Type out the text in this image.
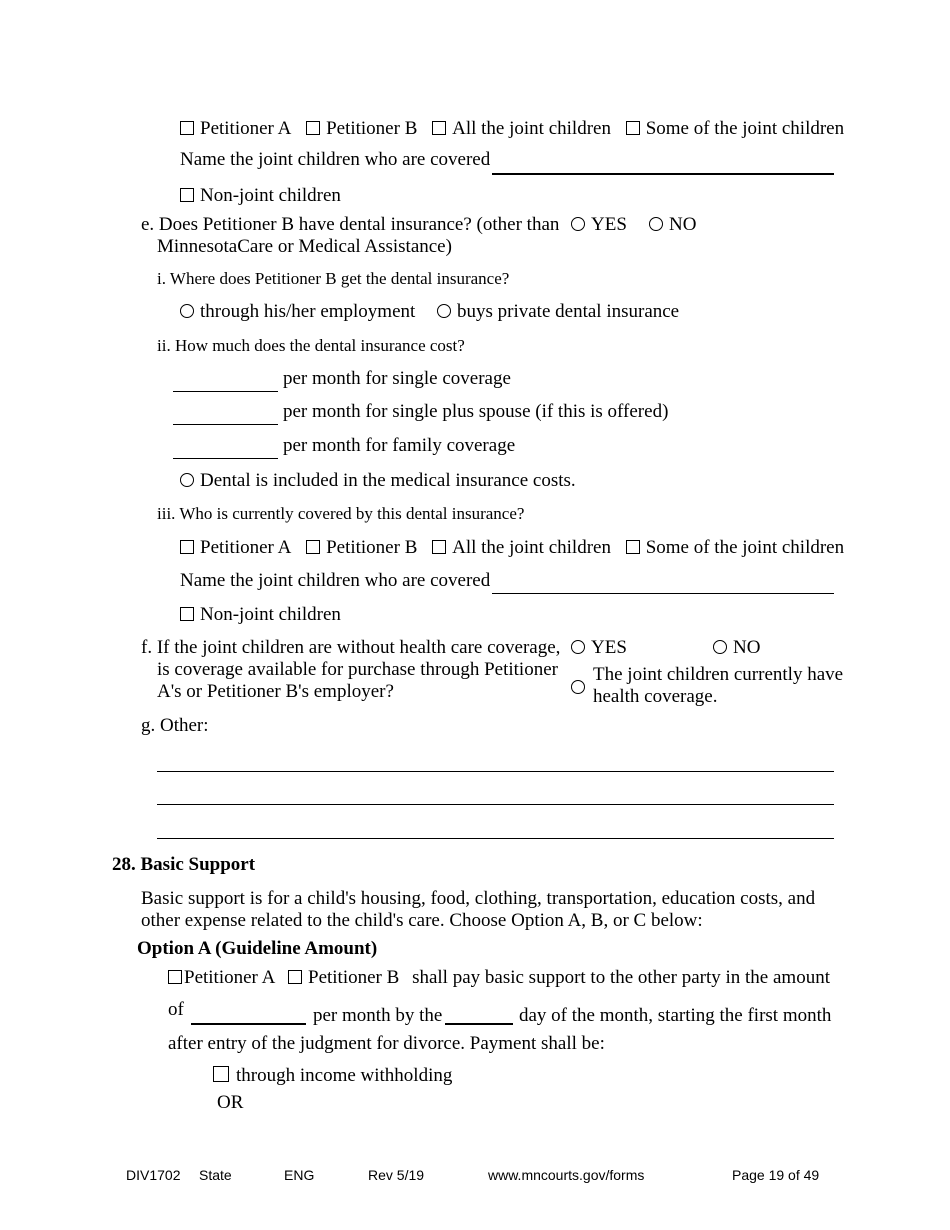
Petitioner A Petitioner B All the joint children Some of the joint children
Name the joint children who are covered
Non-joint children
e. Does Petitioner B have dental insurance? (other than
MinnesotaCare or Medical Assistance)
YES	NO
i. Where does Petitioner B get the dental insurance?
through his/her employment	buys private dental insurance
ii. How much does the dental insurance cost?
per month for single coverage
per month for single plus spouse (if this is offered)
per month for family coverage
Dental is included in the medical insurance costs.
iii. Who is currently covered by this dental insurance?
Petitioner A Petitioner B All the joint children Some of the joint children
Name the joint children who are covered
Non-joint children
f. If the joint children are without health care coverage,
is coverage available for purchase through Petitioner
A's or Petitioner B's employer?
YES	NO
The joint children currently have
health coverage.
g. Other:
28. Basic Support
Basic support is for a child's housing, food, clothing, transportation, education costs, and
other expense related to the child's care. Choose Option A, B, or C below:
Option A (Guideline Amount)
Petitioner A Petitioner B shall pay basic support to the other party in the amount
of	per month by the	day of the month, starting the first month
after entry of the judgment for divorce. Payment shall be:
through income withholding
OR
DIV1702 State	ENG	Rev 5/19	www.mncourts.gov/forms	Page 19 of 49
